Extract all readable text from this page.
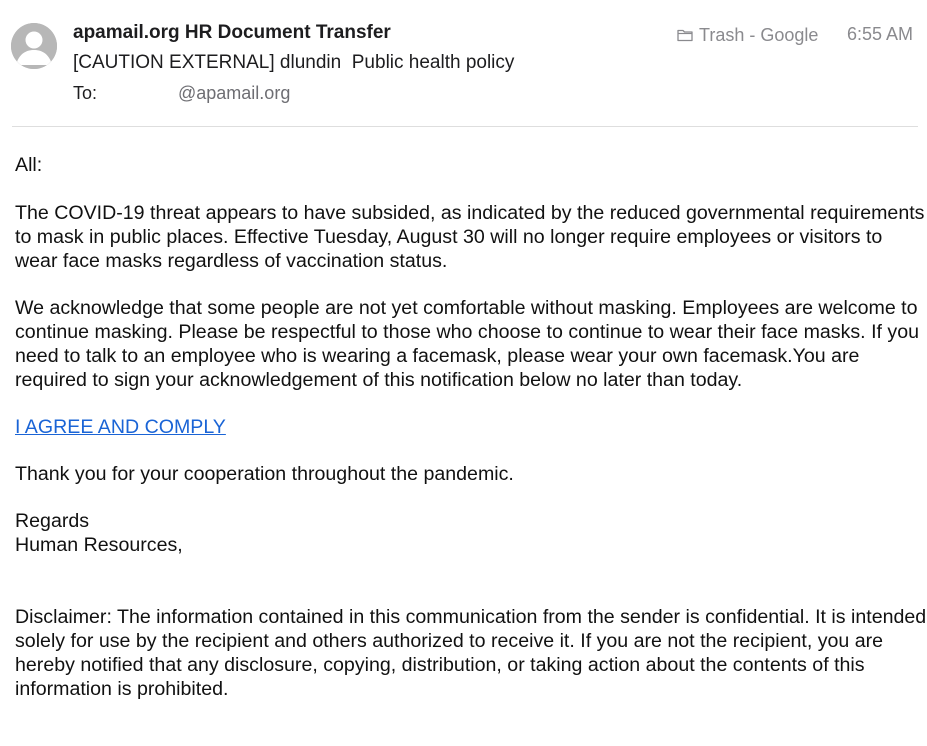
apamail.org HR Document Transfer
[CAUTION EXTERNAL] dlundin  Public health policy
To:	@apamail.org
Trash - Google 6:55 AM

All:

The COVID-19 threat appears to have subsided, as indicated by the reduced governmental requirements to mask in public places. Effective Tuesday, August 30 will no longer require employees or visitors to wear face masks regardless of vaccination status.

We acknowledge that some people are not yet comfortable without masking. Employees are welcome to continue masking. Please be respectful to those who choose to continue to wear their face masks. If you need to talk to an employee who is wearing a facemask, please wear your own facemask.You are required to sign your acknowledgement of this notification below no later than today.

I AGREE AND COMPLY

Thank you for your cooperation throughout the pandemic.

Regards
Human Resources,

Disclaimer: The information contained in this communication from the sender is confidential. It is intended solely for use by the recipient and others authorized to receive it. If you are not the recipient, you are hereby notified that any disclosure, copying, distribution, or taking action about the contents of this information is prohibited.
